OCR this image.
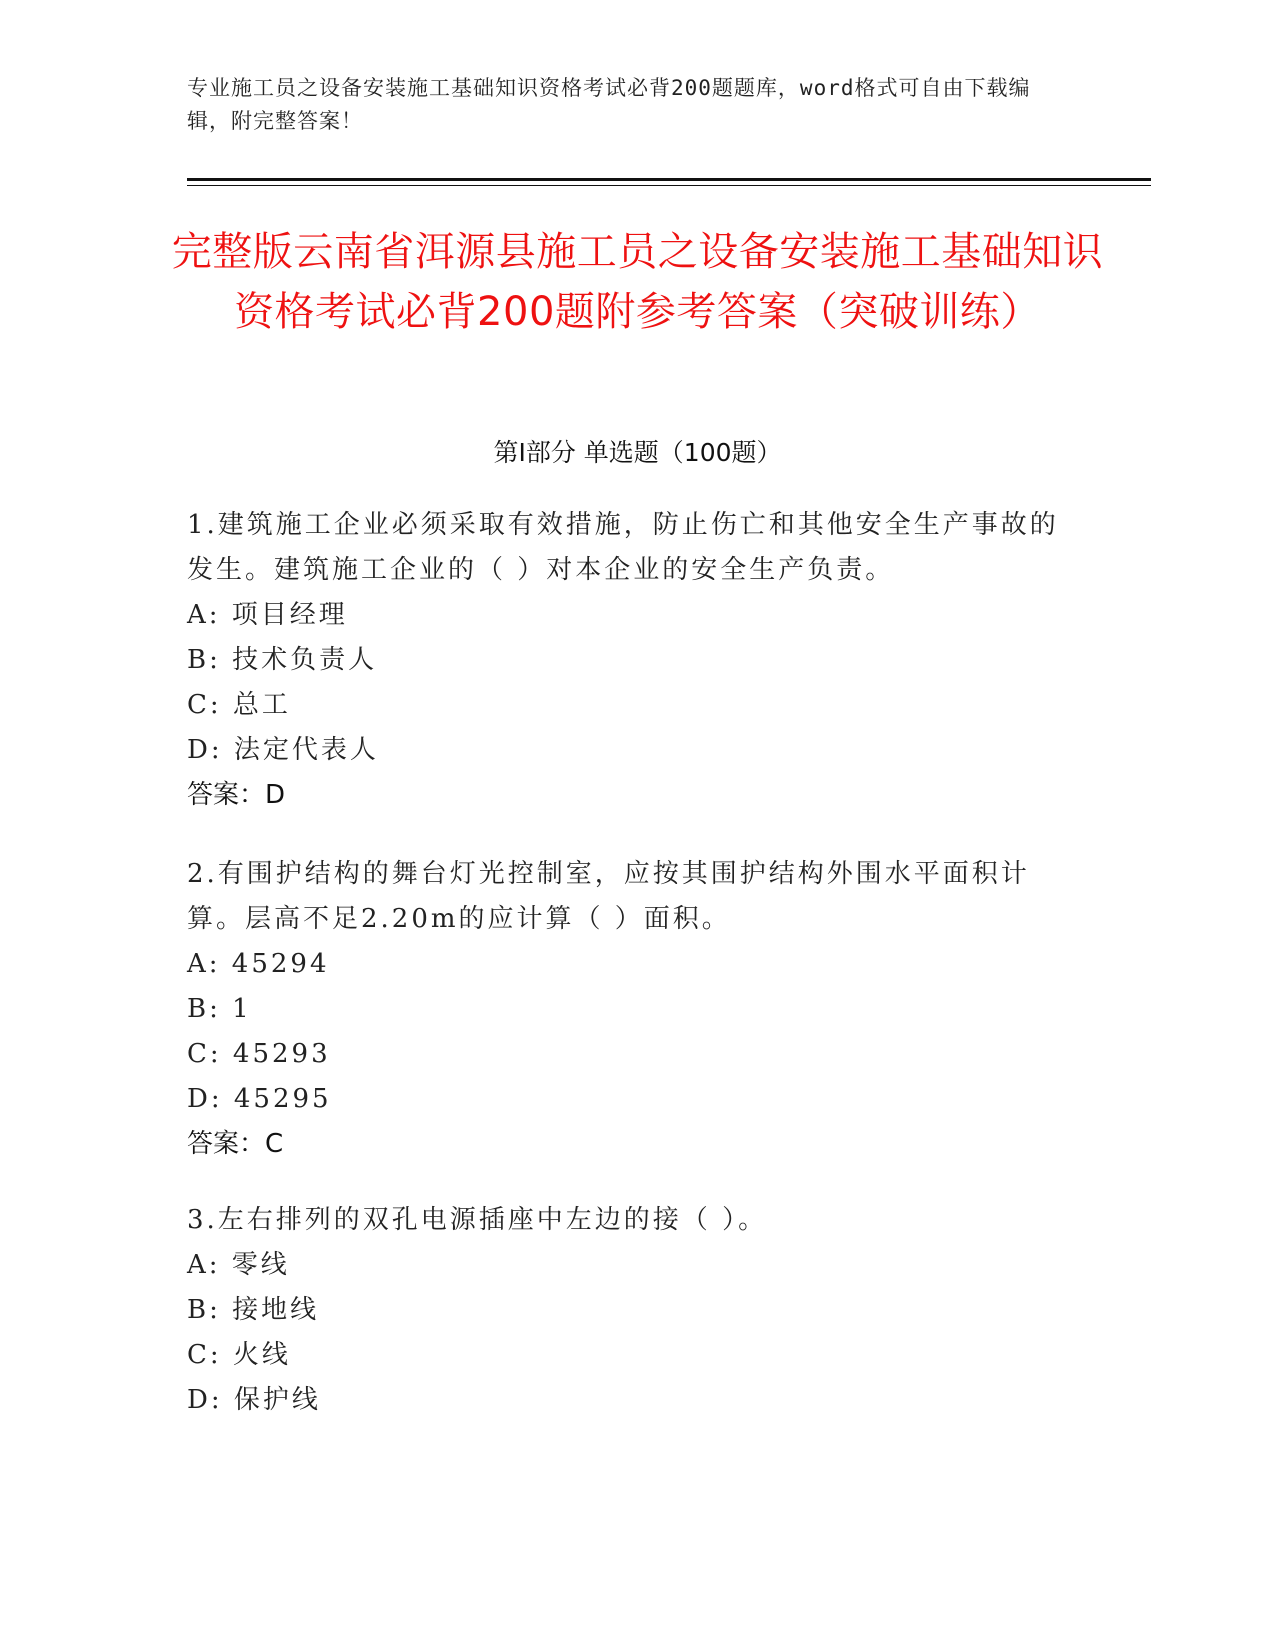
专业施工员之设备安装施工基础知识资格考试必背200题题库，word格式可自由下载编辑，附完整答案！
完整版云南省洱源县施工员之设备安装施工基础知识资格考试必背200题附参考答案（突破训练）
第I部分 单选题（100题）
1.建筑施工企业必须采取有效措施，防止伤亡和其他安全生产事故的发生。建筑施工企业的（ ）对本企业的安全生产负责。
A: 项目经理
B: 技术负责人
C: 总工
D: 法定代表人
答案：D
2.有围护结构的舞台灯光控制室，应按其围护结构外围水平面积计算。层高不足2.20m的应计算（ ）面积。
A: 45294
B: 1
C: 45293
D: 45295
答案：C
3.左右排列的双孔电源插座中左边的接（ ）。
A: 零线
B: 接地线
C: 火线
D: 保护线
